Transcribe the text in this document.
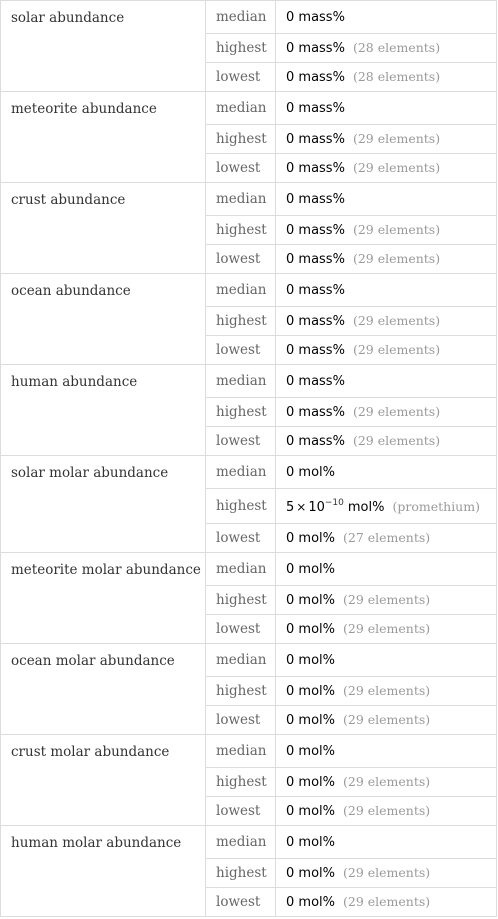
solar abundance	median	0 mass%
	highest	0 mass% (28 elements)
	lowest	0 mass% (28 elements)
meteorite abundance	median	0 mass%
	highest	0 mass% (29 elements)
	lowest	0 mass% (29 elements)
crust abundance	median	0 mass%
	highest	0 mass% (29 elements)
	lowest	0 mass% (29 elements)
ocean abundance	median	0 mass%
	highest	0 mass% (29 elements)
	lowest	0 mass% (29 elements)
human abundance	median	0 mass%
	highest	0 mass% (29 elements)
	lowest	0 mass% (29 elements)
solar molar abundance	median	0 mol%
	highest	$5 \times 10^{-10}$ mol% (promethium)
	lowest	0 mol% (27 elements)
meteorite molar abundance	median	0 mol%
	highest	0 mol% (29 elements)
	lowest	0 mol% (29 elements)
ocean molar abundance	median	0 mol%
	highest	0 mol% (29 elements)
	lowest	0 mol% (29 elements)
crust molar abundance	median	0 mol%
	highest	0 mol% (29 elements)
	lowest	0 mol% (29 elements)
human molar abundance	median	0 mol%
	highest	0 mol% (29 elements)
	lowest	0 mol% (29 elements)
